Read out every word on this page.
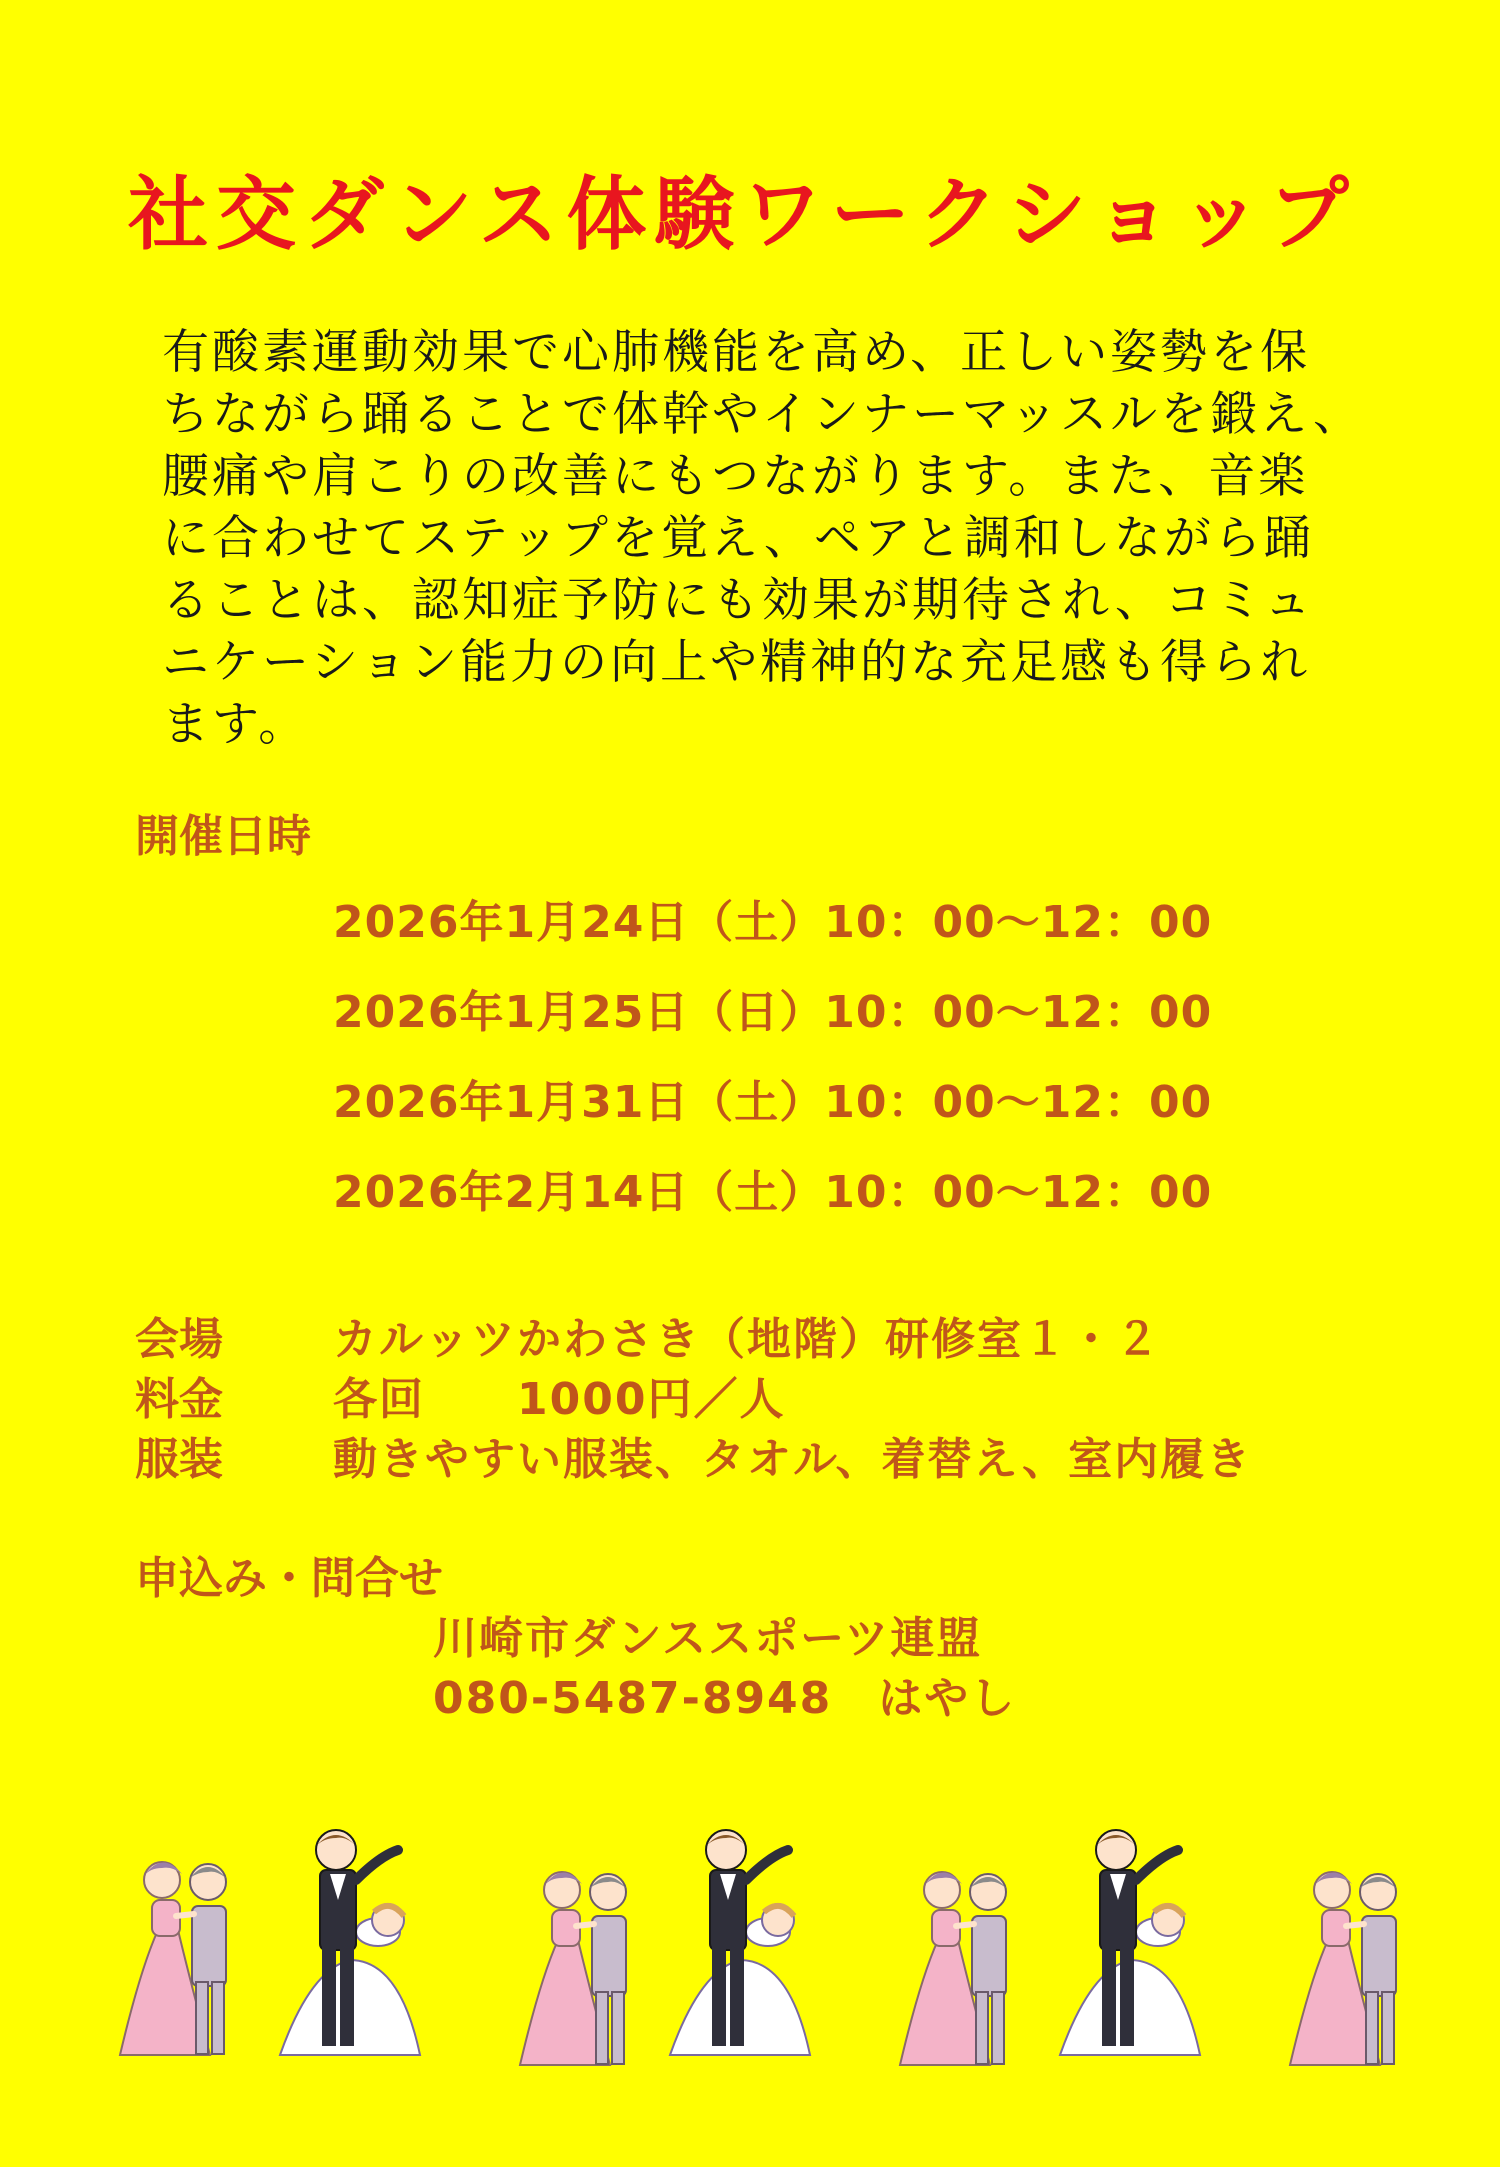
社交ダンス体験ワークショップ
有酸素運動効果で心肺機能を高め、正しい姿勢を保
ちながら踊ることで体幹やインナーマッスルを鍛え、
腰痛や肩こりの改善にもつながります。また、音楽
に合わせてステップを覚え、ペアと調和しながら踊
ることは、認知症予防にも効果が期待され、コミュ
ニケーション能力の向上や精神的な充足感も得られ
ます。
開催日時
2026年1月24日（土）10：00～12：00
2026年1月25日（日）10：00～12：00
2026年1月31日（土）10：00～12：00
2026年2月14日（土）10：00～12：00
会場	カルッツかわさき（地階）研修室１・２
料金	各回　　1000円／人
服装	動きやすい服装、タオル、着替え、室内履き
申込み・問合せ
川崎市ダンススポーツ連盟
080-5487-8948　はやし
